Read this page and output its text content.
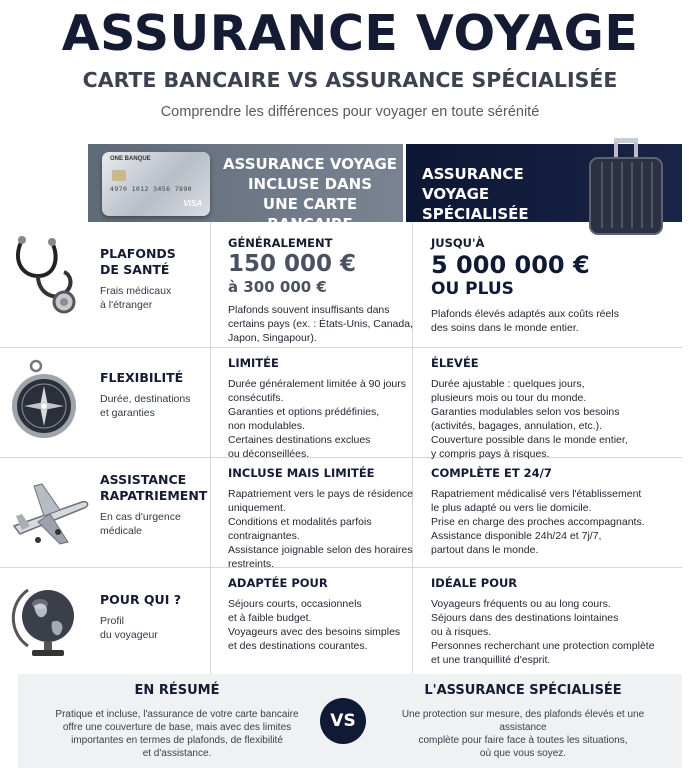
ASSURANCE VOYAGE
CARTE BANCAIRE VS ASSURANCE SPÉCIALISÉE
Comprendre les différences pour voyager en toute sérénité
ONE BANQUE
4970 1012 3456 7890
VISA
ASSURANCE VOYAGE
INCLUSE DANS
UNE CARTE BANCAIRE
ASSURANCE VOYAGE
SPÉCIALISÉE
PLAFONDS
DE SANTÉ
Frais médicaux
à l'étranger
GÉNÉRALEMENT
150 000 €
à 300 000 €

Plafonds souvent insuffisants dans
certains pays (ex. : États-Unis, Canada,
Japon, Singapour).

JUSQU'À
5 000 000 €
OU PLUS

Plafonds élevés adaptés aux coûts réels
des soins dans le monde entier.

FLEXIBILITÉ
Durée, destinations
et garanties
LIMITÉE

Durée généralement limitée à 90 jours
consécutifs.
Garanties et options prédéfinies,
non modulables.
Certaines destinations exclues
ou déconseillées.

ÉLEVÉE

Durée ajustable : quelques jours,
plusieurs mois ou tour du monde.
Garanties modulables selon vos besoins
(activités, bagages, annulation, etc.).
Couverture possible dans le monde entier,
y compris pays à risques.

ASSISTANCE
RAPATRIEMENT
En cas d'urgence
médicale
INCLUSE MAIS LIMITÉE

Rapatriement vers le pays de résidence
uniquement.
Conditions et modalités parfois
contraignantes.
Assistance joignable selon des horaires
restreints.

COMPLÈTE ET 24/7

Rapatriement médicalisé vers l'établissement
le plus adapté ou vers lie domicile.
Prise en charge des proches accompagnants.
Assistance disponible 24h/24 et 7j/7,
partout dans le monde.

POUR QUI ?
Profil
du voyageur
ADAPTÉE POUR

Séjours courts, occasionnels
et à faible budget.
Voyageurs avec des besoins simples
et des destinations courantes.

IDÉALE POUR

Voyageurs fréquents ou au long cours.
Séjours dans des destinations lointaines
ou à risques.
Personnes recherchant une protection complète
et une tranquillité d'esprit.

EN RÉSUMÉ
Pratique et incluse, l'assurance de votre carte bancaire
offre une couverture de base, mais avec des limites
importantes en termes de plafonds, de flexibilité
et d'assistance.
VS
L'ASSURANCE SPÉCIALISÉE
Une protection sur mesure, des plafonds élevés et une assistance
complète pour faire face à toutes les situations,
où que vous soyez.
